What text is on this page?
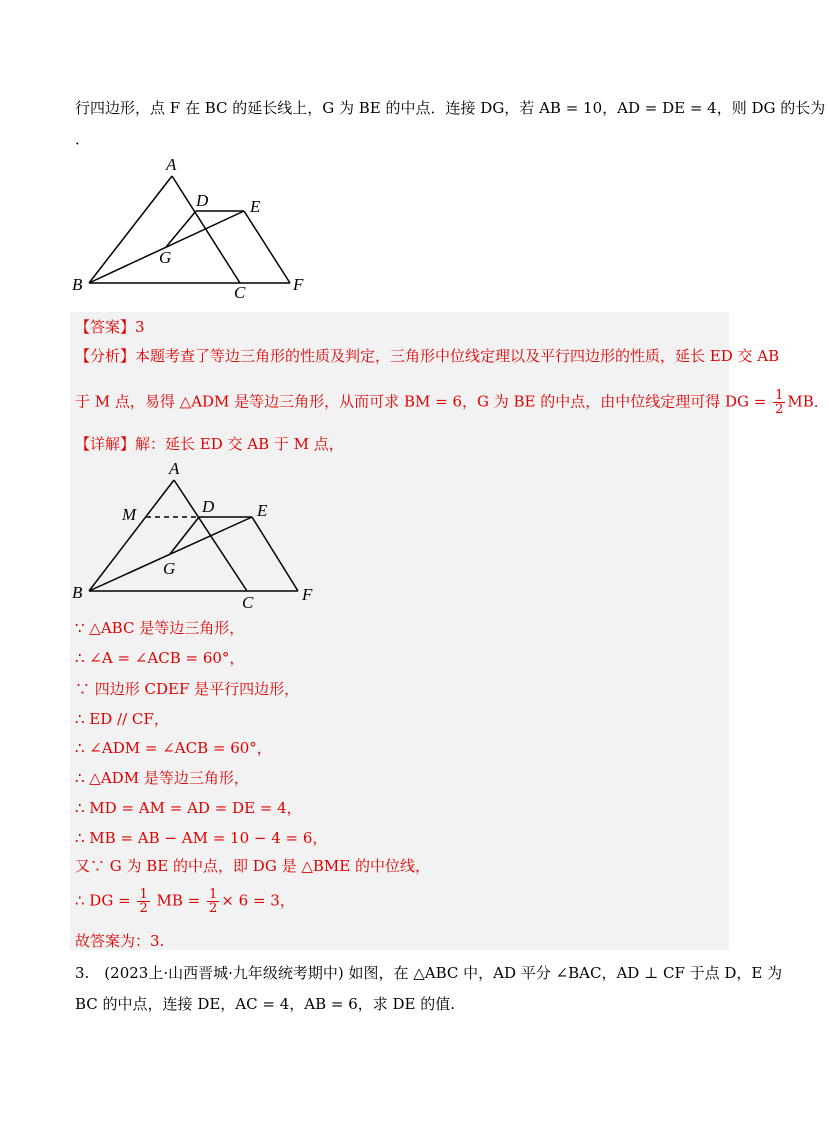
行四边形，点 F 在 BC 的延长线上，G 为 BE 的中点．连接 DG，若 AB = 10，AD = DE = 4，则 DG 的长为
．
A
D E
G
B	C	F
【答案】3
【分析】本题考查了等边三角形的性质及判定，三角形中位线定理以及平行四边形的性质，延长 ED 交 AB
于 M 点，易得 △ADM 是等边三角形，从而可求 BM = 6，G 为 BE 的中点，由中位线定理可得 DG = $\frac{1}{2}$ MB．
【详解】解：延长 ED 交 AB 于 M 点，
A
M	D	E
G
B
C	F
∵ △ABC 是等边三角形，
∴ ∠A = ∠ACB = 60°，
∵ 四边形 CDEF 是平行四边形，
∴ ED // CF，
∴ ∠ADM = ∠ACB = 60°，
∴ △ADM 是等边三角形，
∴ MD = AM = AD = DE = 4，
∴ MB = AB − AM = 10 − 4 = 6，
又∵ G 为 BE 的中点，即 DG 是 △BME 的中位线，
∴ DG = $\frac{1}{2}$ MB = $\frac{1}{2} \times 6 = 3$，
故答案为：3.
3.　(2023上·山西晋城·九年级统考期中) 如图，在 △ABC 中，AD 平分 ∠BAC，AD ⊥ CF 于点 D，E 为
BC 的中点，连接 DE，AC = 4，AB = 6，求 DE 的值.
